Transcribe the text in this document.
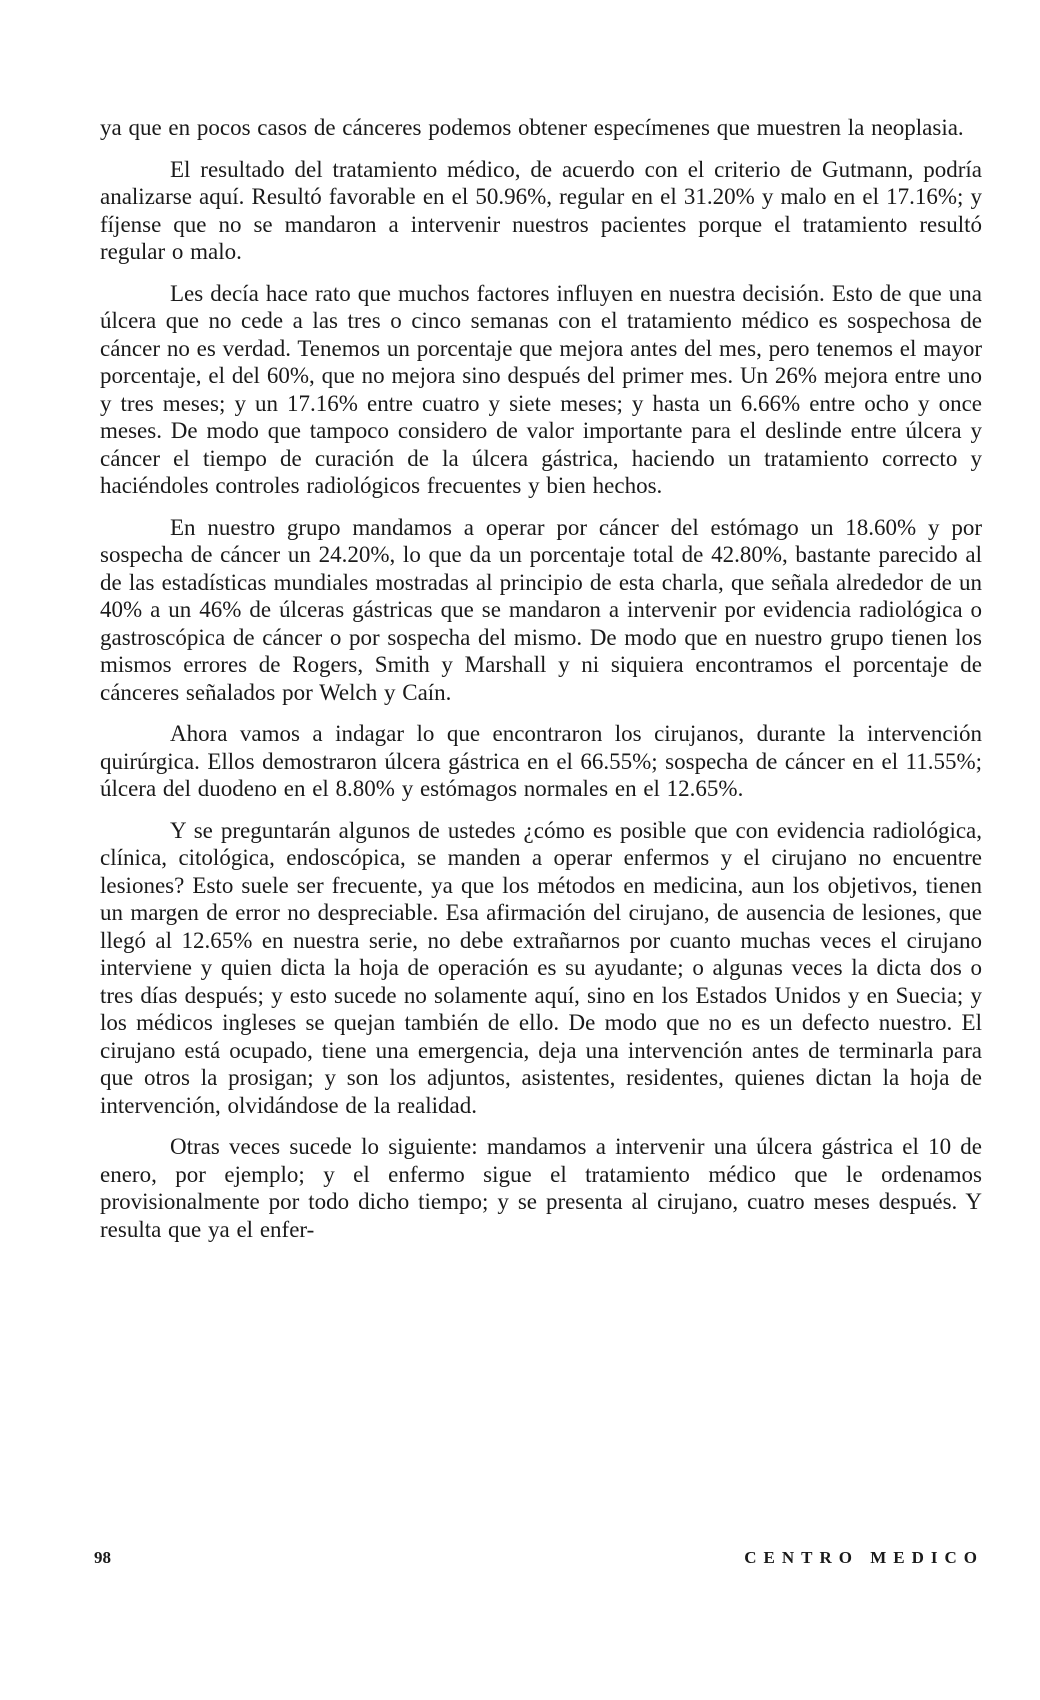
ya que en pocos casos de cánceres podemos obtener especímenes que muestren la neoplasia.

El resultado del tratamiento médico, de acuerdo con el criterio de Gutmann, podría analizarse aquí. Resultó favorable en el 50.96%, regular en el 31.20% y malo en el 17.16%; y fíjense que no se mandaron a intervenir nuestros pacientes porque el tratamiento resultó regular o malo.

Les decía hace rato que muchos factores influyen en nuestra decisión. Esto de que una úlcera que no cede a las tres o cinco semanas con el tratamiento médico es sospechosa de cáncer no es verdad. Tenemos un porcentaje que mejora antes del mes, pero tenemos el mayor porcentaje, el del 60%, que no mejora sino después del primer mes. Un 26% mejora entre uno y tres meses; y un 17.16% entre cuatro y siete meses; y hasta un 6.66% entre ocho y once meses. De modo que tampoco considero de valor importante para el deslinde entre úlcera y cáncer el tiempo de curación de la úlcera gástrica, haciendo un tratamiento correcto y haciéndoles controles radiológicos frecuentes y bien hechos.

En nuestro grupo mandamos a operar por cáncer del estómago un 18.60% y por sospecha de cáncer un 24.20%, lo que da un porcentaje total de 42.80%, bastante parecido al de las estadísticas mundiales mostradas al principio de esta charla, que señala alrededor de un 40% a un 46% de úlceras gástricas que se mandaron a intervenir por evidencia radiológica o gastroscópica de cáncer o por sospecha del mismo. De modo que en nuestro grupo tienen los mismos errores de Rogers, Smith y Marshall y ni siquiera encontramos el porcentaje de cánceres señalados por Welch y Caín.

Ahora vamos a indagar lo que encontraron los cirujanos, durante la intervención quirúrgica. Ellos demostraron úlcera gástrica en el 66.55%; sospecha de cáncer en el 11.55%; úlcera del duodeno en el 8.80% y estómagos normales en el 12.65%.

Y se preguntarán algunos de ustedes ¿cómo es posible que con evidencia radiológica, clínica, citológica, endoscópica, se manden a operar enfermos y el cirujano no encuentre lesiones? Esto suele ser frecuente, ya que los métodos en medicina, aun los objetivos, tienen un margen de error no despreciable. Esa afirmación del cirujano, de ausencia de lesiones, que llegó al 12.65% en nuestra serie, no debe extrañarnos por cuanto muchas veces el cirujano interviene y quien dicta la hoja de operación es su ayudante; o algunas veces la dicta dos o tres días después; y esto sucede no solamente aquí, sino en los Estados Unidos y en Suecia; y los médicos ingleses se quejan también de ello. De modo que no es un defecto nuestro. El cirujano está ocupado, tiene una emergencia, deja una intervención antes de terminarla para que otros la prosigan; y son los adjuntos, asistentes, residentes, quienes dictan la hoja de intervención, olvidándose de la realidad.

Otras veces sucede lo siguiente: mandamos a intervenir una úlcera gástrica el 10 de enero, por ejemplo; y el enfermo sigue el tratamiento médico que le ordenamos provisionalmente por todo dicho tiempo; y se presenta al cirujano, cuatro meses después. Y resulta que ya el enfer-

98	CENTRO MEDICO
